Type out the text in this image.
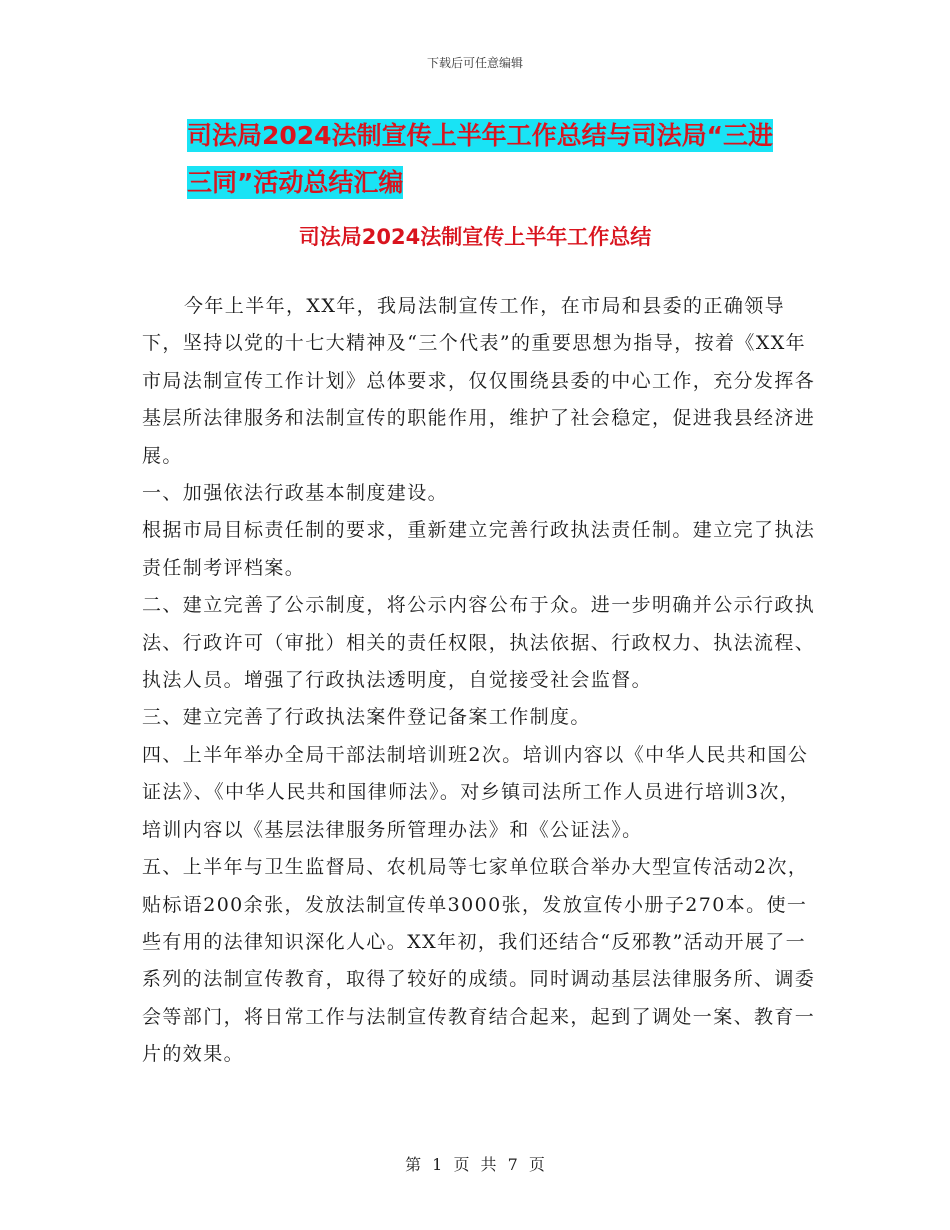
下载后可任意编辑
司法局2024法制宣传上半年工作总结与司法局“三进
三同”活动总结汇编
司法局2024法制宣传上半年工作总结

今年上半年，XX年，我局法制宣传工作，在市局和县委的正确领导下，坚持以党的十七大精神及“三个代表”的重要思想为指导，按着《XX年市局法制宣传工作计划》总体要求，仅仅围绕县委的中心工作，充分发挥各基层所法律服务和法制宣传的职能作用，维护了社会稳定，促进我县经济进展。

一、加强依法行政基本制度建设。

根据市局目标责任制的要求，重新建立完善行政执法责任制。建立完了执法责任制考评档案。

二、建立完善了公示制度，将公示内容公布于众。进一步明确并公示行政执法、行政许可（审批）相关的责任权限，执法依据、行政权力、执法流程、执法人员。增强了行政执法透明度，自觉接受社会监督。

三、建立完善了行政执法案件登记备案工作制度。

四、上半年举办全局干部法制培训班2次。培训内容以《中华人民共和国公证法》、《中华人民共和国律师法》。对乡镇司法所工作人员进行培训3次，培训内容以《基层法律服务所管理办法》和《公证法》。

五、上半年与卫生监督局、农机局等七家单位联合举办大型宣传活动2次，贴标语200余张，发放法制宣传单3000张，发放宣传小册子270本。使一些有用的法律知识深化人心。XX年初，我们还结合“反邪教”活动开展了一系列的法制宣传教育，取得了较好的成绩。同时调动基层法律服务所、调委会等部门，将日常工作与法制宣传教育结合起来，起到了调处一案、教育一片的效果。

第 1 页 共 7 页
